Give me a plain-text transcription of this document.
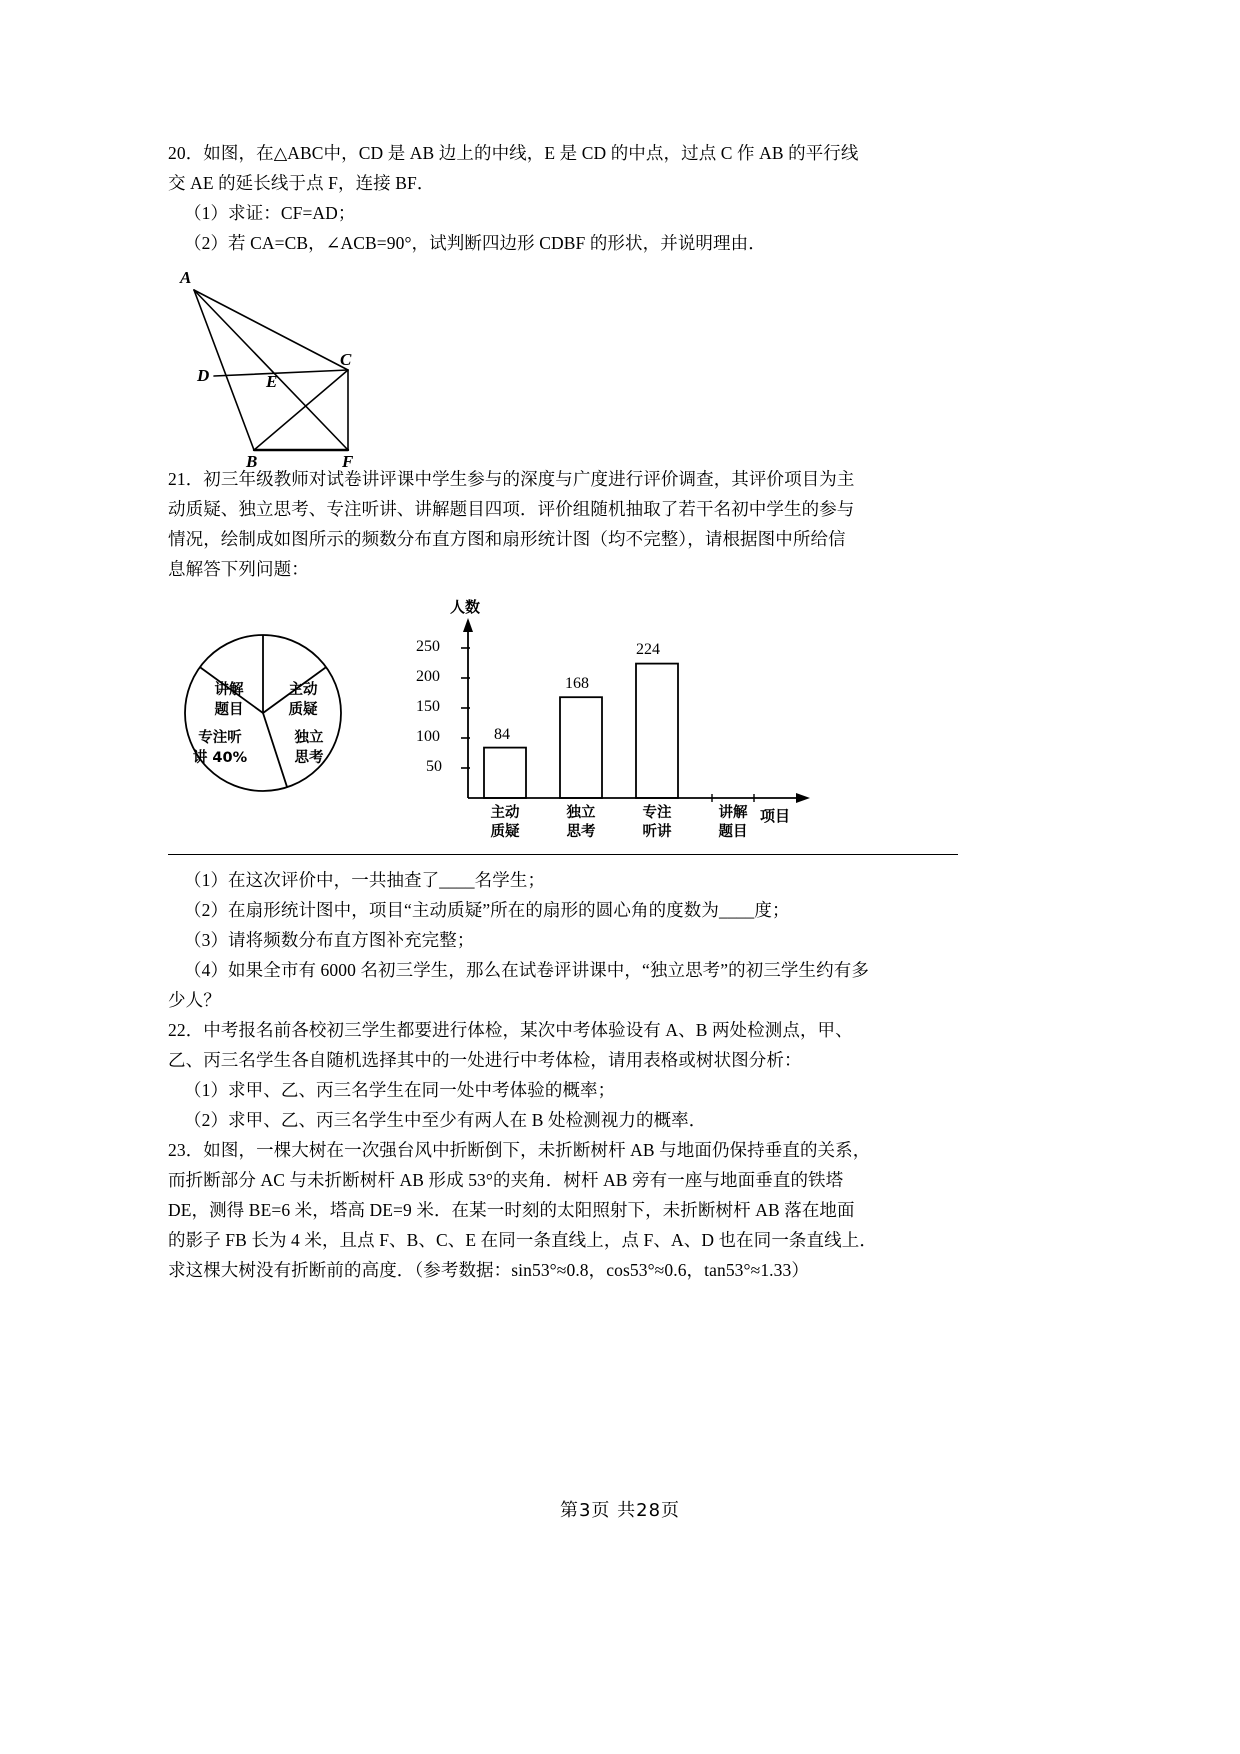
20．如图，在△ABC中，CD 是 AB 边上的中线，E 是 CD 的中点，过点 C 作 AB 的平行线

交 AE 的延长线于点 F，连接 BF．

（1）求证：CF=AD；

（2）若 CA=CB，∠ACB=90°，试判断四边形 CDBF 的形状，并说明理由．

A
D	E
C
B	F

21．初三年级教师对试卷讲评课中学生参与的深度与广度进行评价调查，其评价项目为主

动质疑、独立思考、专注听讲、讲解题目四项．评价组随机抽取了若干名初中学生的参与

情况，绘制成如图所示的频数分布直方图和扇形统计图（均不完整），请根据图中所给信

息解答下列问题：

主动
质疑
独立
思考
专注听
讲 40%
讲解
题目
人数
项目
250
200
150
100
50
84
168
224
主动
质疑
独立
思考
专注
听讲
讲解
题目

（1）在这次评价中，一共抽查了____名学生；

（2）在扇形统计图中，项目“主动质疑”所在的扇形的圆心角的度数为____度；

（3）请将频数分布直方图补充完整；

（4）如果全市有 6000 名初三学生，那么在试卷评讲课中，“独立思考”的初三学生约有多

少人？

22．中考报名前各校初三学生都要进行体检，某次中考体验设有 A、B 两处检测点，甲、

乙、丙三名学生各自随机选择其中的一处进行中考体检，请用表格或树状图分析：

（1）求甲、乙、丙三名学生在同一处中考体验的概率；

（2）求甲、乙、丙三名学生中至少有两人在 B 处检测视力的概率．

23．如图，一棵大树在一次强台风中折断倒下，未折断树杆 AB 与地面仍保持垂直的关系，

而折断部分 AC 与未折断树杆 AB 形成 53°的夹角．树杆 AB 旁有一座与地面垂直的铁塔

DE，测得 BE=6 米，塔高 DE=9 米．在某一时刻的太阳照射下，未折断树杆 AB 落在地面

的影子 FB 长为 4 米，且点 F、B、C、E 在同一条直线上，点 F、A、D 也在同一条直线上．

求这棵大树没有折断前的高度．（参考数据：sin53°≈0.8，cos53°≈0.6，tan53°≈1.33）

第3页 共28页
